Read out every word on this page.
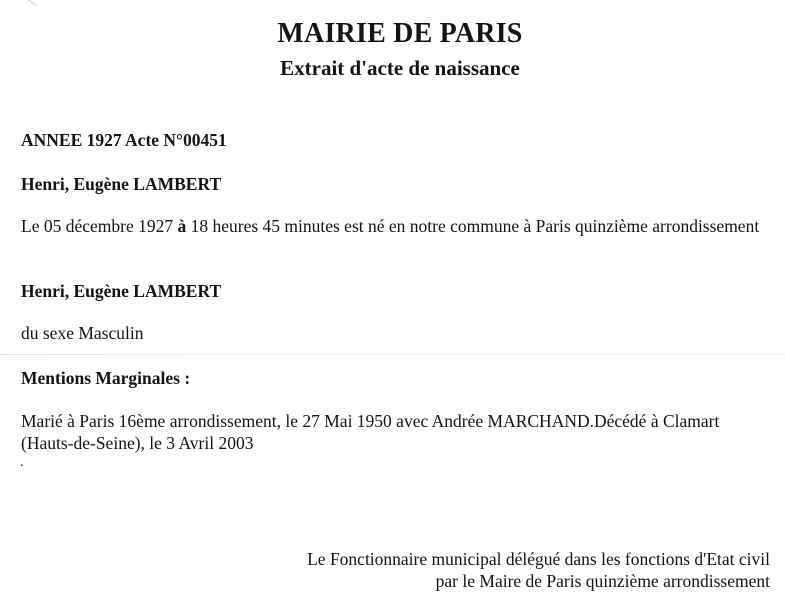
MAIRIE DE PARIS
Extrait d'acte de naissance
ANNEE 1927 Acte N°00451
Henri, Eugène LAMBERT
Le 05 décembre 1927 à 18 heures 45 minutes est né en notre commune à Paris quinzième arrondissement
Henri, Eugène LAMBERT
du sexe Masculin
Mentions Marginales :
Marié à Paris 16ème arrondissement, le 27 Mai 1950 avec Andrée MARCHAND.Décédé à Clamart (Hauts-de-Seine), le 3 Avril 2003
.
Le Fonctionnaire municipal délégué dans les fonctions d'Etat civil
par le Maire de Paris quinzième arrondissement
